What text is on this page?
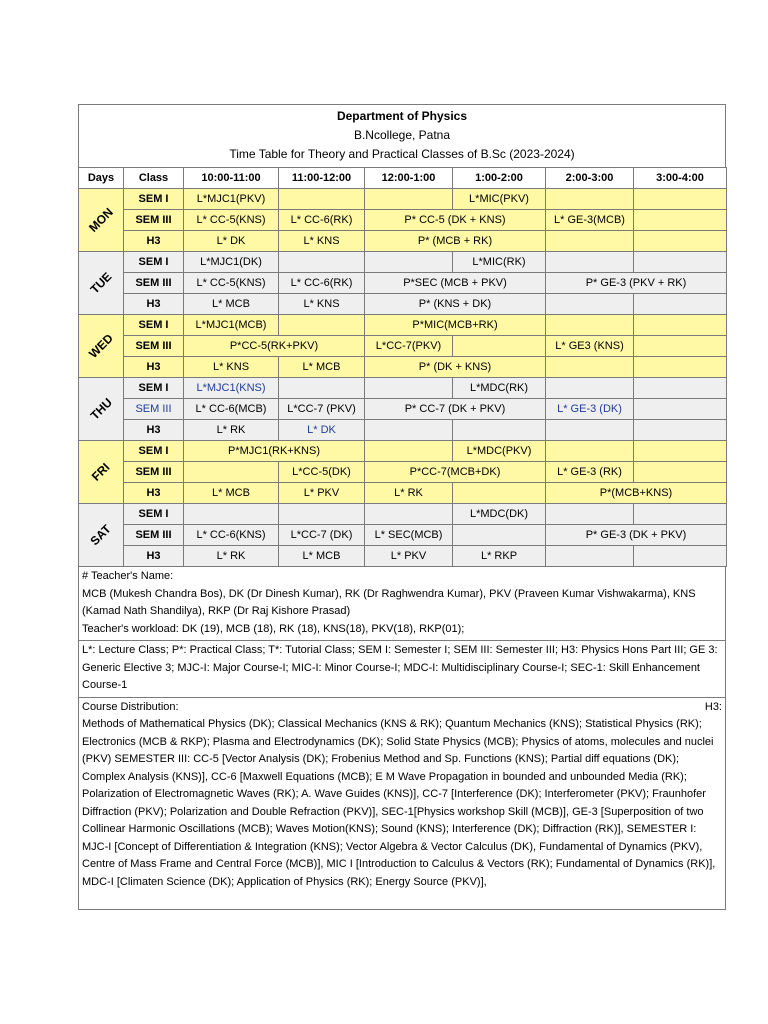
Department of Physics
B.Ncollege, Patna
Time Table for Theory and Practical Classes of B.Sc (2023-2024)
Days	Class	10:00-11:00	11:00-12:00	12:00-1:00	1:00-2:00	2:00-3:00	3:00-4:00
MON	SEM I	L*MJC1(PKV)			L*MIC(PKV)		
	SEM III	L* CC-5(KNS)	L* CC-6(RK)	P* CC-5 (DK + KNS)		L* GE-3(MCB)	
	H3	L* DK	L* KNS	P* (MCB + RK)			
TUE	SEM I	L*MJC1(DK)			L*MIC(RK)		
	SEM III	L* CC-5(KNS)	L* CC-6(RK)	P*SEC (MCB + PKV)		P* GE-3 (PKV + RK)	
	H3	L* MCB	L* KNS	P* (KNS + DK)			
WED	SEM I	L*MJC1(MCB)		P*MIC(MCB+RK)			
	SEM III	P*CC-5(RK+PKV)		L*CC-7(PKV)		L* GE3 (KNS)	
	H3	L* KNS	L* MCB	P* (DK + KNS)			
THU	SEM I	L*MJC1(KNS)			L*MDC(RK)		
	SEM III	L* CC-6(MCB)	L*CC-7 (PKV)	P* CC-7 (DK + PKV)		L* GE-3 (DK)	
	H3	L* RK	L* DK				
FRI	SEM I	P*MJC1(RK+KNS)			L*MDC(PKV)		
	SEM III		L*CC-5(DK)	P*CC-7(MCB+DK)		L* GE-3 (RK)	
	H3	L* MCB	L* PKV	L* RK		P*(MCB+KNS)	
SAT	SEM I				L*MDC(DK)		
	SEM III	L* CC-6(KNS)	L*CC-7 (DK)	L* SEC(MCB)		P* GE-3 (DK + PKV)	
	H3	L* RK	L* MCB	L* PKV	L* RKP		

# Teacher's Name:

MCB (Mukesh Chandra Bos), DK (Dr Dinesh Kumar), RK (Dr Raghwendra Kumar), PKV (Praveen Kumar Vishwakarma), KNS (Kamad Nath Shandilya), RKP (Dr Raj Kishore Prasad)

Teacher's workload: DK (19), MCB (18), RK (18), KNS(18), PKV(18), RKP(01);

L*: Lecture Class; P*: Practical Class; T*: Tutorial Class; SEM I: Semester I; SEM III: Semester III; H3: Physics Hons Part III; GE 3: Generic Elective 3; MJC-I: Major Course-I; MIC-I: Minor Course-I; MDC-I: Multidisciplinary Course-I; SEC-1: Skill Enhancement Course-1

Course Distribution:	H3:

Methods of Mathematical Physics (DK); Classical Mechanics (KNS & RK); Quantum Mechanics (KNS); Statistical Physics (RK); Electronics (MCB & RKP); Plasma and Electrodynamics (DK); Solid State Physics (MCB); Physics of atoms, molecules and nuclei (PKV) SEMESTER III: CC-5 [Vector Analysis (DK); Frobenius Method and Sp. Functions (KNS); Partial diff equations (DK); Complex Analysis (KNS)], CC-6 [Maxwell Equations (MCB); E M Wave Propagation in bounded and unbounded Media (RK); Polarization of Electromagnetic Waves (RK); A. Wave Guides (KNS)], CC-7 [Interference (DK); Interferometer (PKV); Fraunhofer Diffraction (PKV); Polarization and Double Refraction (PKV)], SEC-1[Physics workshop Skill (MCB)], GE-3 [Superposition of two Collinear Harmonic Oscillations (MCB); Waves Motion(KNS); Sound (KNS); Interference (DK); Diffraction (RK)], SEMESTER I: MJC-I [Concept of Differentiation & Integration (KNS); Vector Algebra & Vector Calculus (DK), Fundamental of Dynamics (PKV), Centre of Mass Frame and Central Force (MCB)], MIC I [Introduction to Calculus & Vectors (RK); Fundamental of Dynamics (RK)], MDC-I [Climaten Science (DK); Application of Physics (RK); Energy Source (PKV)],
